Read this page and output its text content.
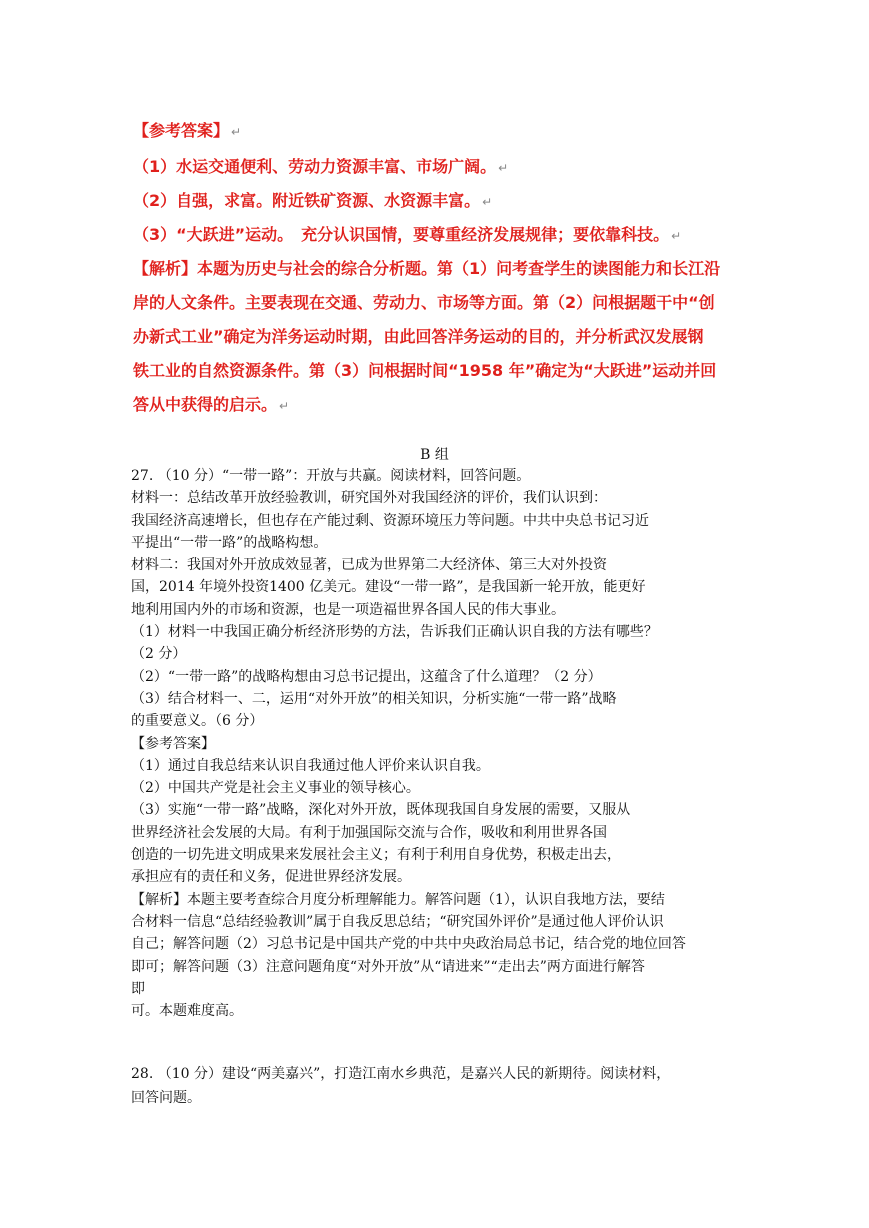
【参考答案】 ↵
（1）水运交通便利、劳动力资源丰富、市场广阔。 ↵
（2）自强，求富。附近铁矿资源、水资源丰富。 ↵
（3）“大跃进”运动。　充分认识国情，要尊重经济发展规律；要依靠科技。 ↵
【解析】本题为历史与社会的综合分析题。第（1）问考查学生的读图能力和长江沿
岸的人文条件。主要表现在交通、劳动力、市场等方面。第（2）问根据题干中“创
办新式工业”确定为洋务运动时期，由此回答洋务运动的目的，并分析武汉发展钢
铁工业的自然资源条件。第（3）问根据时间“1958 年”确定为“大跃进”运动并回
答从中获得的启示。 ↵
B 组
27. （10 分）“一带一路”：开放与共赢。阅读材料，回答问题。
材料一：总结改革开放经验教训，研究国外对我国经济的评价，我们认识到：
我国经济高速增长，但也存在产能过剩、资源环境压力等问题。中共中央总书记习近
平提出“一带一路”的战略构想。
材料二：我国对外开放成效显著，已成为世界第二大经济体、第三大对外投资
国，2014 年境外投资1400 亿美元。建设“一带一路”，是我国新一轮开放，能更好
地利用国内外的市场和资源，也是一项造福世界各国人民的伟大事业。
（1）材料一中我国正确分析经济形势的方法，告诉我们正确认识自我的方法有哪些？
（2 分）
（2）“一带一路”的战略构想由习总书记提出，这蕴含了什么道理？（2 分）
（3）结合材料一、二，运用“对外开放”的相关知识，分析实施“一带一路”战略
的重要意义。（6 分）
【参考答案】
（1）通过自我总结来认识自我通过他人评价来认识自我。
（2）中国共产党是社会主义事业的领导核心。
（3）实施“一带一路”战略，深化对外开放，既体现我国自身发展的需要，又服从
世界经济社会发展的大局。有利于加强国际交流与合作，吸收和利用世界各国
创造的一切先进文明成果来发展社会主义；有利于利用自身优势，积极走出去，
承担应有的责任和义务，促进世界经济发展。
【解析】本题主要考查综合月度分析理解能力。解答问题（1），认识自我地方法，要结
合材料一信息“总结经验教训”属于自我反思总结；“研究国外评价”是通过他人评价认识
自己；解答问题（2）习总书记是中国共产党的中共中央政治局总书记，结合党的地位回答
即可；解答问题（3）注意问题角度“对外开放”从“请进来”“走出去”两方面进行解答
即
可。本题难度高。
28. （10 分）建设“两美嘉兴”，打造江南水乡典范，是嘉兴人民的新期待。阅读材料，
回答问题。
